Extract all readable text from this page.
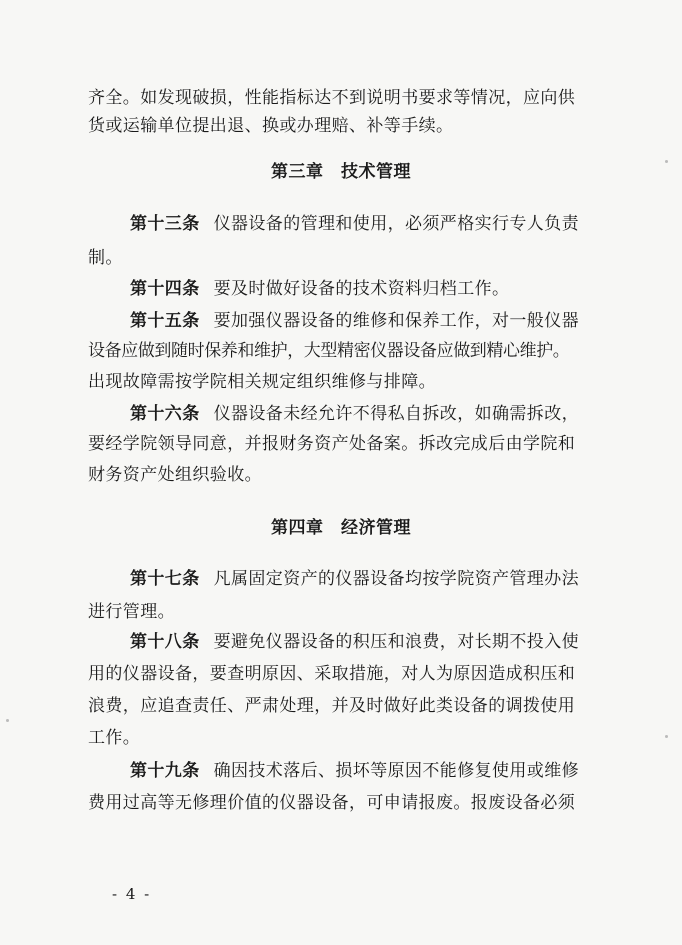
齐全。如发现破损，性能指标达不到说明书要求等情况，应向供
货或运输单位提出退、换或办理赔、补等手续。
第三章　技术管理
第十三条 仪器设备的管理和使用，必须严格实行专人负责
制。
第十四条 要及时做好设备的技术资料归档工作。
第十五条 要加强仪器设备的维修和保养工作，对一般仪器
设备应做到随时保养和维护，大型精密仪器设备应做到精心维护。
出现故障需按学院相关规定组织维修与排障。
第十六条 仪器设备未经允许不得私自拆改，如确需拆改，
要经学院领导同意，并报财务资产处备案。拆改完成后由学院和
财务资产处组织验收。
第四章　经济管理
第十七条 凡属固定资产的仪器设备均按学院资产管理办法
进行管理。
第十八条 要避免仪器设备的积压和浪费，对长期不投入使
用的仪器设备，要查明原因、采取措施，对人为原因造成积压和
浪费，应追查责任、严肃处理，并及时做好此类设备的调拨使用
工作。
第十九条 确因技术落后、损坏等原因不能修复使用或维修
费用过高等无修理价值的仪器设备，可申请报废。报废设备必须
- 4 -
